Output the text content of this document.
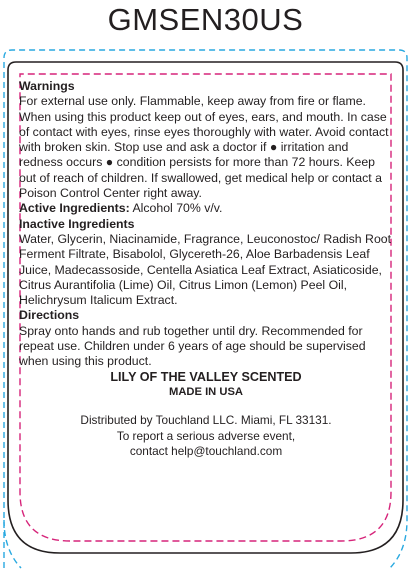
GMSEN30US

Warnings

For external use only. Flammable, keep away from fire or flame. When using this product keep out of eyes, ears, and mouth. In case of contact with eyes, rinse eyes thoroughly with water. Avoid contact with broken skin. Stop use and ask a doctor if ● irritation and redness occurs ● condition persists for more than 72 hours. Keep out of reach of children. If swallowed, get medical help or contact a Poison Control Center right away.

Active Ingredients: Alcohol 70% v/v.

Inactive Ingredients

Water, Glycerin, Niacinamide, Fragrance, Leuconostoc/ Radish Root Ferment Filtrate, Bisabolol, Glycereth-26, Aloe Barbadensis Leaf Juice, Madecassoside, Centella Asiatica Leaf Extract, Asiaticoside, Citrus Aurantifolia (Lime) Oil, Citrus Limon (Lemon) Peel Oil, Helichrysum Italicum Extract.

Directions

Spray onto hands and rub together until dry. Recommended for repeat use. Children under 6 years of age should be supervised when using this product.

LILY OF THE VALLEY SCENTED

MADE IN USA

Distributed by Touchland LLC. Miami, FL 33131.
To report a serious adverse event,
contact help@touchland.com
